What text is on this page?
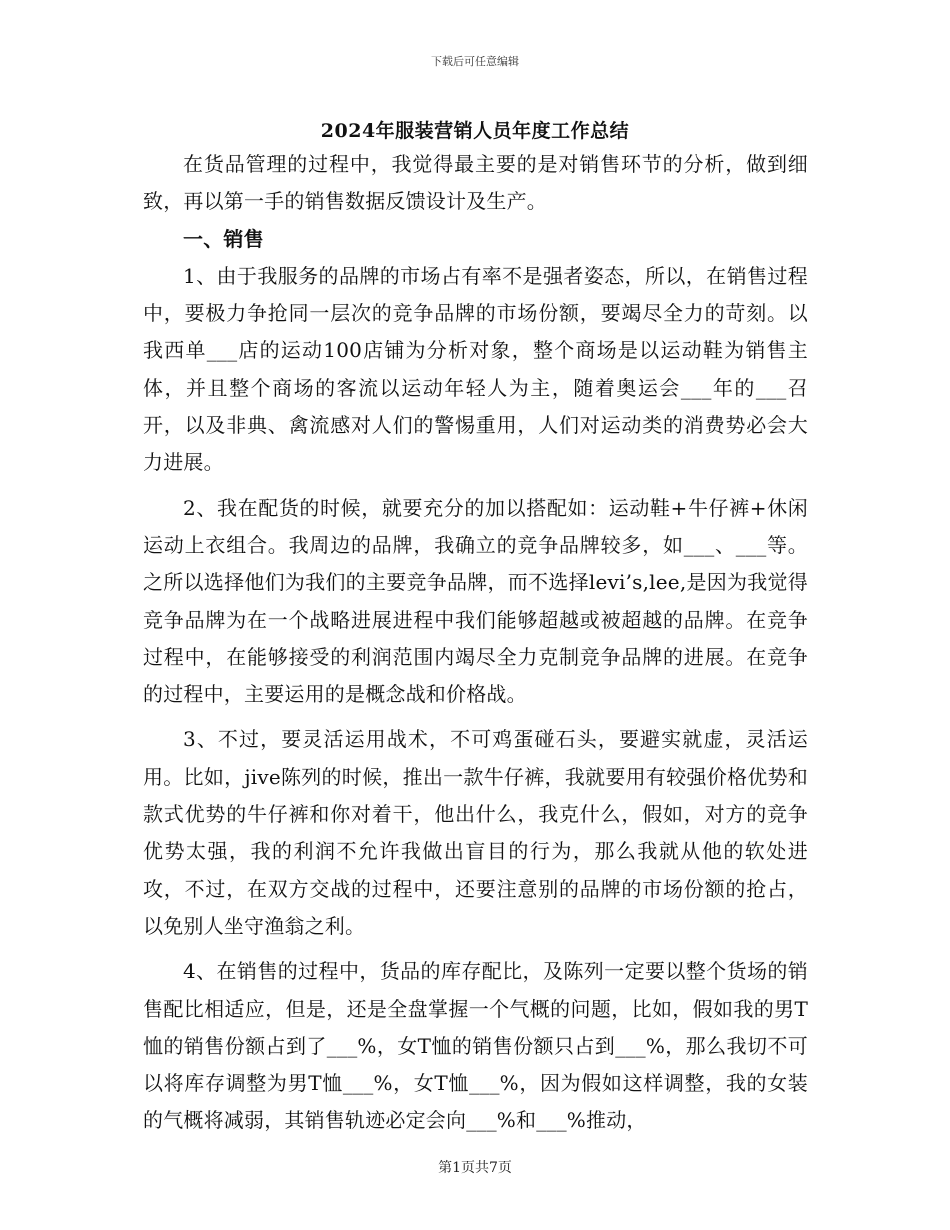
下载后可任意编辑
2024年服装营销人员年度工作总结

在货品管理的过程中，我觉得最主要的是对销售环节的分析，做到细致，再以第一手的销售数据反馈设计及生产。

一、销售

1、由于我服务的品牌的市场占有率不是强者姿态，所以，在销售过程中，要极力争抢同一层次的竞争品牌的市场份额，要竭尽全力的苛刻。以我西单___店的运动100店铺为分析对象，整个商场是以运动鞋为销售主体，并且整个商场的客流以运动年轻人为主，随着奥运会___年的___召开，以及非典、禽流感对人们的警惕重用，人们对运动类的消费势必会大力进展。

2、我在配货的时候，就要充分的加以搭配如：运动鞋+牛仔裤+休闲运动上衣组合。我周边的品牌，我确立的竞争品牌较多，如___、___等。之所以选择他们为我们的主要竞争品牌，而不选择levi’s,lee,是因为我觉得竞争品牌为在一个战略进展进程中我们能够超越或被超越的品牌。在竞争过程中，在能够接受的利润范围内竭尽全力克制竞争品牌的进展。在竞争的过程中，主要运用的是概念战和价格战。

3、不过，要灵活运用战术，不可鸡蛋碰石头，要避实就虚，灵活运用。比如，jive陈列的时候，推出一款牛仔裤，我就要用有较强价格优势和款式优势的牛仔裤和你对着干，他出什么，我克什么，假如，对方的竞争优势太强，我的利润不允许我做出盲目的行为，那么我就从他的软处进攻，不过，在双方交战的过程中，还要注意别的品牌的市场份额的抢占，以免别人坐守渔翁之利。

4、在销售的过程中，货品的库存配比，及陈列一定要以整个货场的销售配比相适应，但是，还是全盘掌握一个气概的问题，比如，假如我的男T恤的销售份额占到了___%，女T恤的销售份额只占到___%，那么我切不可以将库存调整为男T恤___%，女T恤___%，因为假如这样调整，我的女装的气概将减弱，其销售轨迹必定会向___%和___%推动，

第1页共7页
